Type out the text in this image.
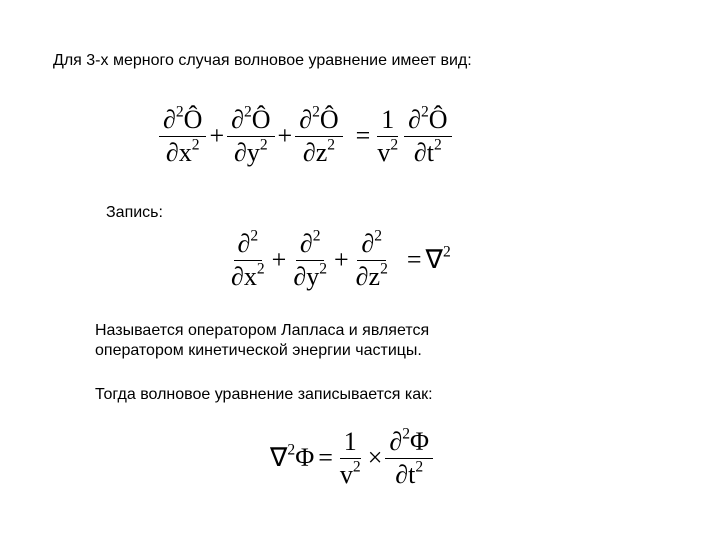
Для 3-х мерного случая волновое уравнение имеет вид:
$\frac{\partial^2Ô}{\partial x^2} + \frac{\partial^2Ô}{\partial y^2} + \frac{\partial^2Ô}{\partial z^2} = \frac{1}{v^2} \frac{\partial^2Ô}{\partial t^2}$
Запись:
$\frac{\partial^2}{\partial x^2} + \frac{\partial^2}{\partial y^2} + \frac{\partial^2}{\partial z^2} = \nabla^2$
Называется оператором Лапласа и является
оператором кинетической энергии частицы.
Тогда волновое уравнение записывается как:
$\nabla^2\Phi = \frac{1}{v^2} \times \frac{\partial^2\Phi}{\partial t^2}$
